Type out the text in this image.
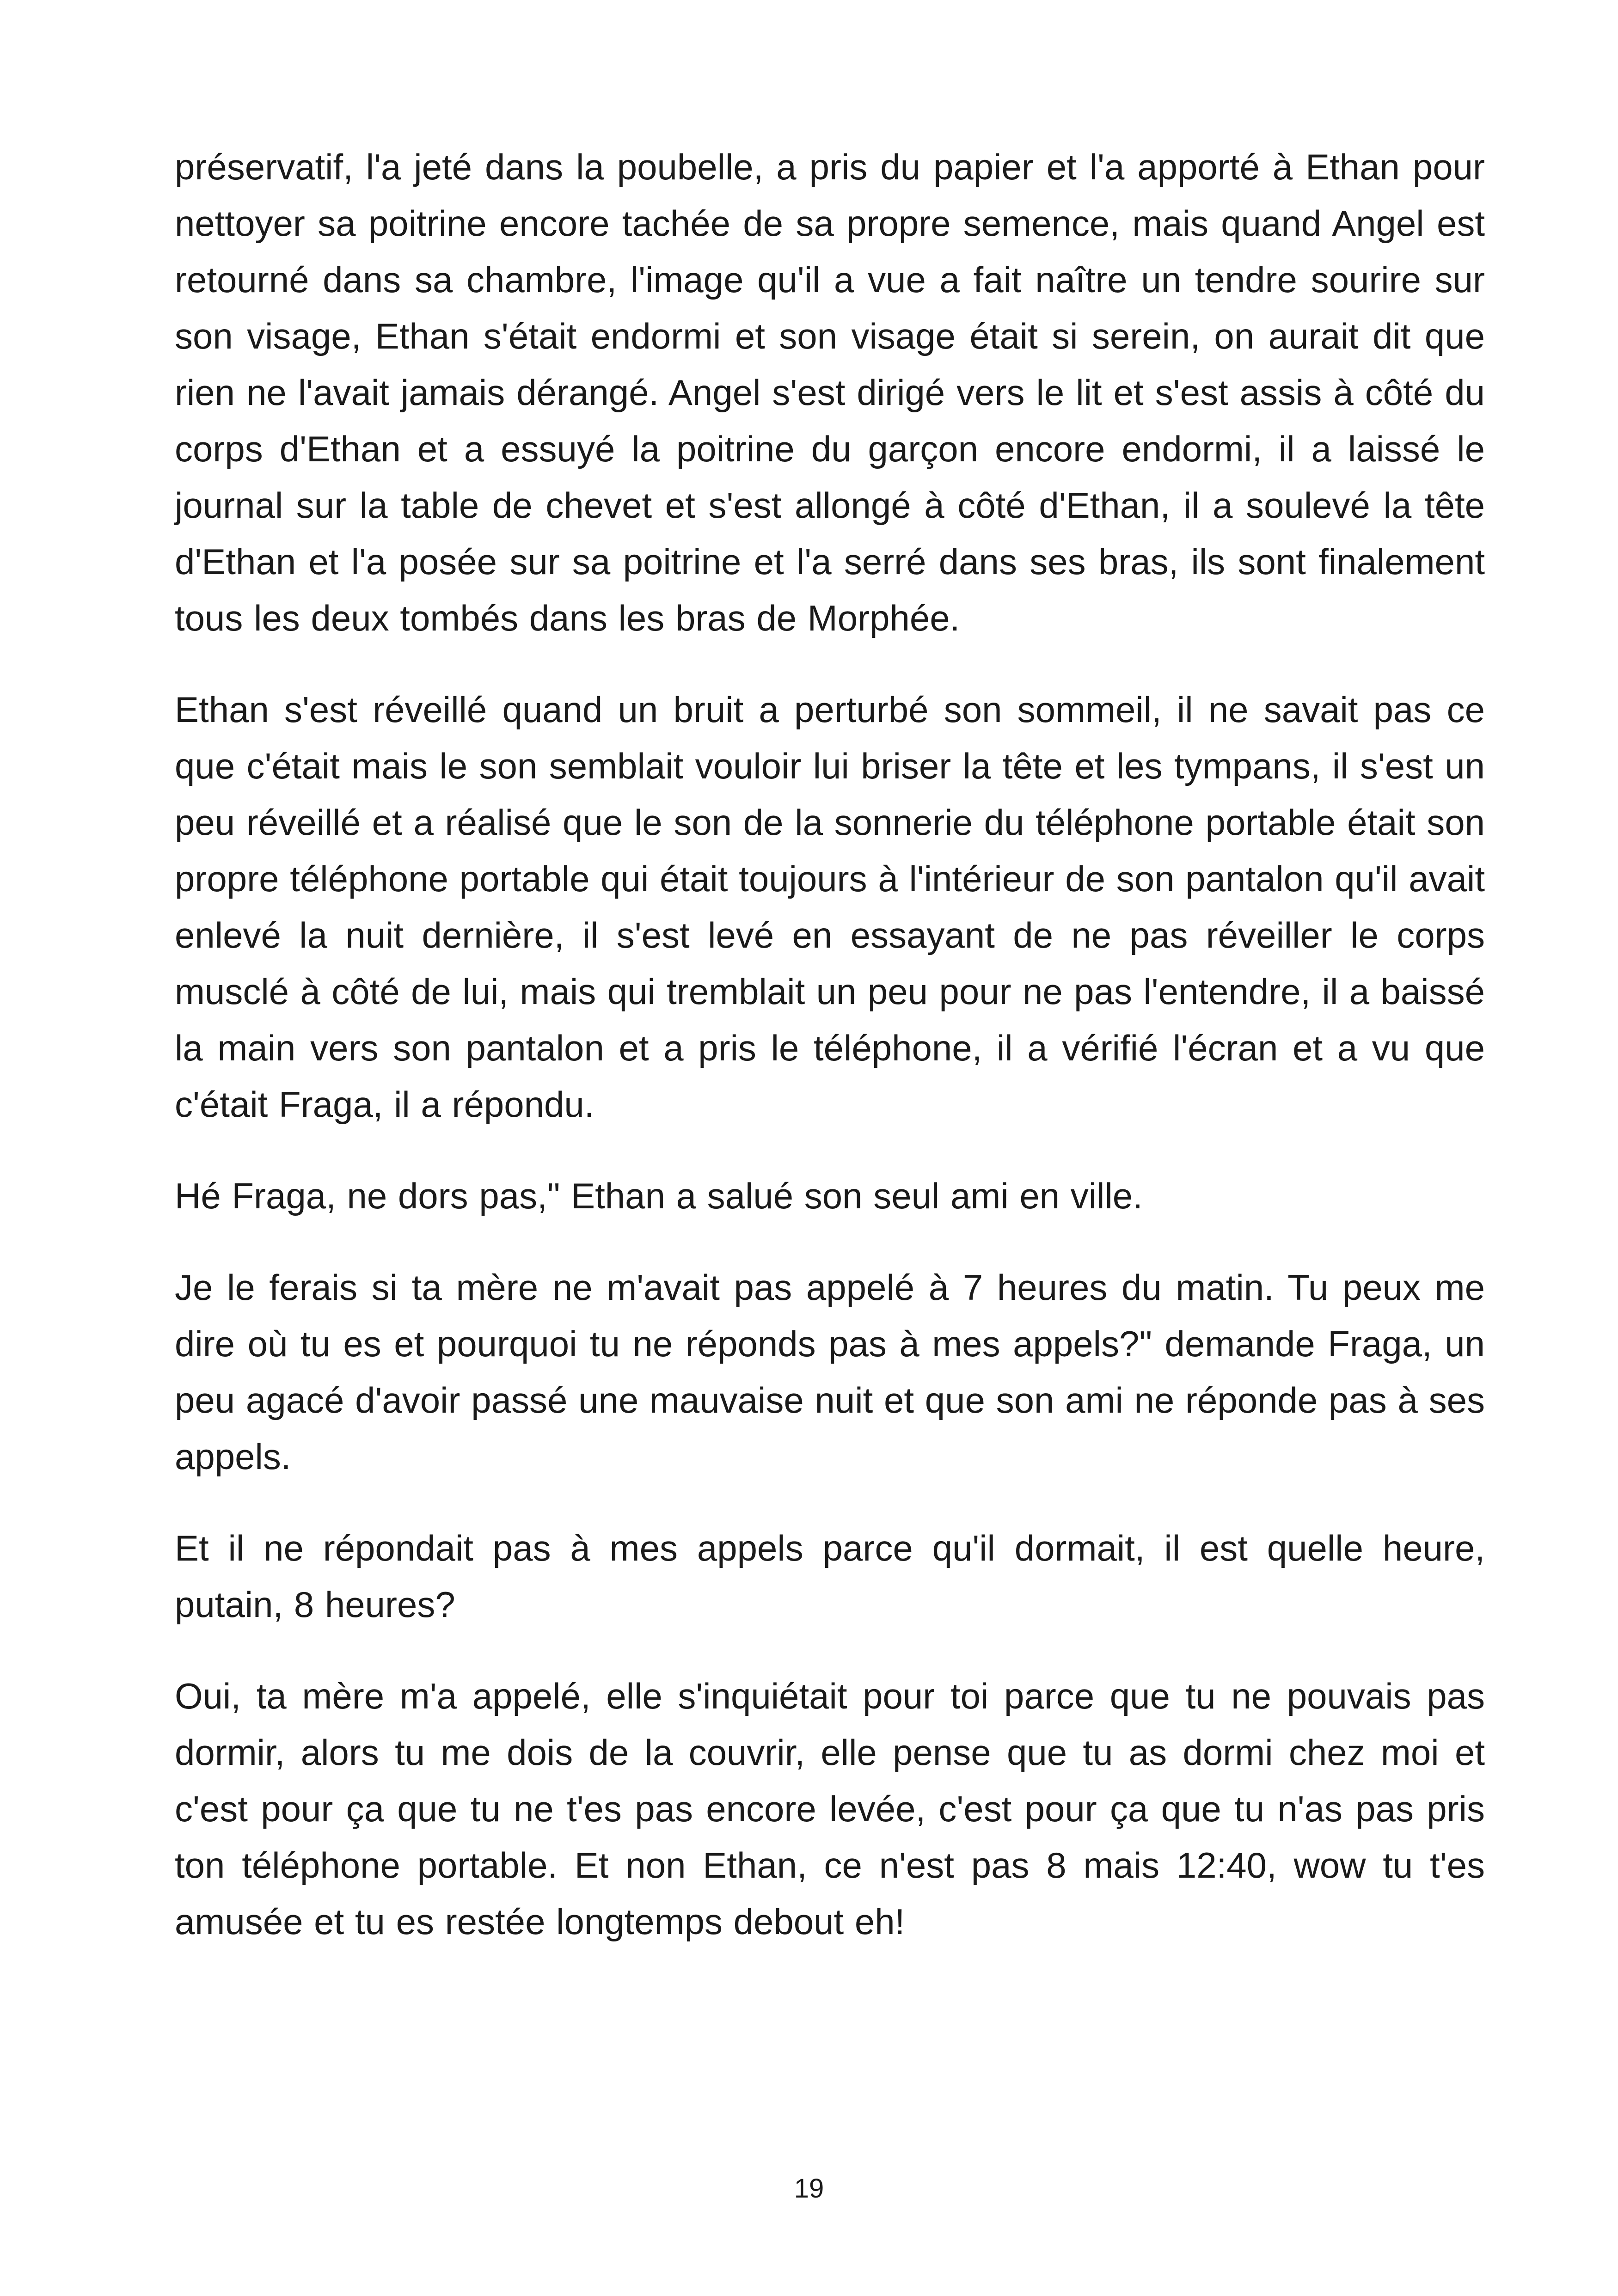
préservatif, l'a jeté dans la poubelle, a pris du papier et l'a apporté à Ethan pour nettoyer sa poitrine encore tachée de sa propre semence, mais quand Angel est retourné dans sa chambre, l'image qu'il a vue a fait naître un tendre sourire sur son visage, Ethan s'était endormi et son visage était si serein, on aurait dit que rien ne l'avait jamais dérangé. Angel s'est dirigé vers le lit et s'est assis à côté du corps d'Ethan et a essuyé la poitrine du garçon encore endormi, il a laissé le journal sur la table de chevet et s'est allongé à côté d'Ethan, il a soulevé la tête d'Ethan et l'a posée sur sa poitrine et l'a serré dans ses bras, ils sont finalement tous les deux tombés dans les bras de Morphée.

Ethan s'est réveillé quand un bruit a perturbé son sommeil, il ne savait pas ce que c'était mais le son semblait vouloir lui briser la tête et les tympans, il s'est un peu réveillé et a réalisé que le son de la sonnerie du téléphone portable était son propre téléphone portable qui était toujours à l'intérieur de son pantalon qu'il avait enlevé la nuit dernière, il s'est levé en essayant de ne pas réveiller le corps musclé à côté de lui, mais qui tremblait un peu pour ne pas l'entendre, il a baissé la main vers son pantalon et a pris le téléphone, il a vérifié l'écran et a vu que c'était Fraga, il a répondu.

Hé Fraga, ne dors pas," Ethan a salué son seul ami en ville.

Je le ferais si ta mère ne m'avait pas appelé à 7 heures du matin. Tu peux me dire où tu es et pourquoi tu ne réponds pas à mes appels?" demande Fraga, un peu agacé d'avoir passé une mauvaise nuit et que son ami ne réponde pas à ses appels.

Et il ne répondait pas à mes appels parce qu'il dormait, il est quelle heure, putain, 8 heures?

Oui, ta mère m'a appelé, elle s'inquiétait pour toi parce que tu ne pouvais pas dormir, alors tu me dois de la couvrir, elle pense que tu as dormi chez moi et c'est pour ça que tu ne t'es pas encore levée, c'est pour ça que tu n'as pas pris ton téléphone portable. Et non Ethan, ce n'est pas 8 mais 12:40, wow tu t'es amusée et tu es restée longtemps debout eh!

19
